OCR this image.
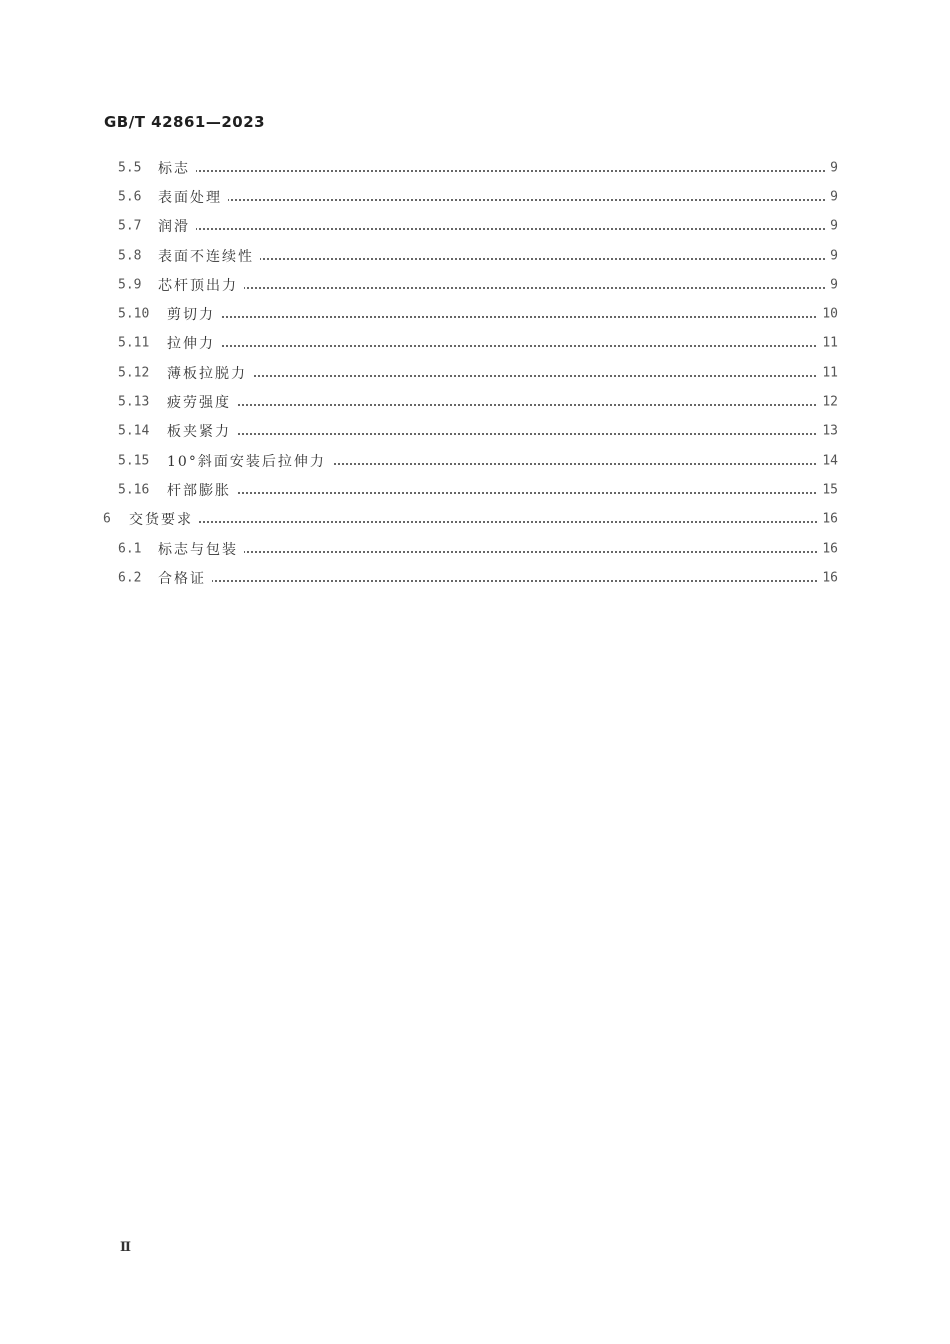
GB/T 42861—2023
5.5 标志	9
5.6 表面处理	9
5.7 润滑	9
5.8 表面不连续性	9
5.9 芯杆顶出力	9
5.10 剪切力	10
5.11 拉伸力	11
5.12 薄板拉脱力	11
5.13 疲劳强度	12
5.14 板夹紧力	13
5.15 10°斜面安装后拉伸力	14
5.16 杆部膨胀	15
6 交货要求	16
6.1 标志与包装	16
6.2 合格证	16
Ⅱ
